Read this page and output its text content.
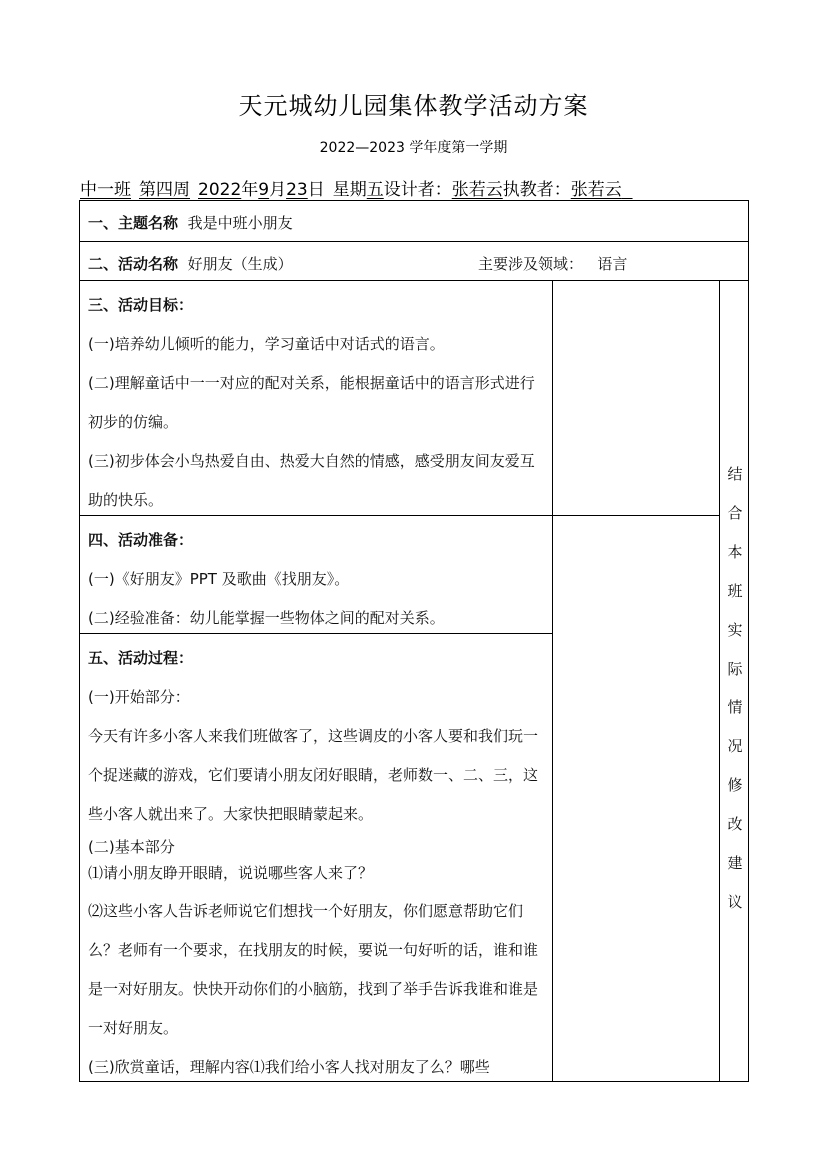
天元城幼儿园集体教学活动方案
2022—2023 学年度第一学期
中一班 第四周 2022年9月23日 星期五设计者：张若云执教者：张若云
一、主题名称 我是中班小朋友
二、活动名称 好朋友（生成）	主要涉及领域： 语言
三、活动目标：
(一)培养幼儿倾听的能力，学习童话中对话式的语言。
(二)理解童话中一一对应的配对关系，能根据童话中的语言形式进行初步的仿编。
(三)初步体会小鸟热爱自由、热爱大自然的情感，感受朋友间友爱互助的快乐。
四、活动准备：
(一)《好朋友》PPT 及歌曲《找朋友》。
(二)经验准备：幼儿能掌握一些物体之间的配对关系。
五、活动过程：
(一)开始部分：
今天有许多小客人来我们班做客了，这些调皮的小客人要和我们玩一个捉迷藏的游戏，它们要请小朋友闭好眼睛，老师数一、二、三，这些小客人就出来了。大家快把眼睛蒙起来。
(二)基本部分
⑴请小朋友睁开眼睛，说说哪些客人来了？
⑵这些小客人告诉老师说它们想找一个好朋友，你们愿意帮助它们么？老师有一个要求，在找朋友的时候，要说一句好听的话，谁和谁是一对好朋友。快快开动你们的小脑筋，找到了举手告诉我谁和谁是一对好朋友。
(三)欣赏童话，理解内容⑴我们给小客人找对朋友了么？哪些
结
合
本
班
实
际
情
况
修
改
建
议
